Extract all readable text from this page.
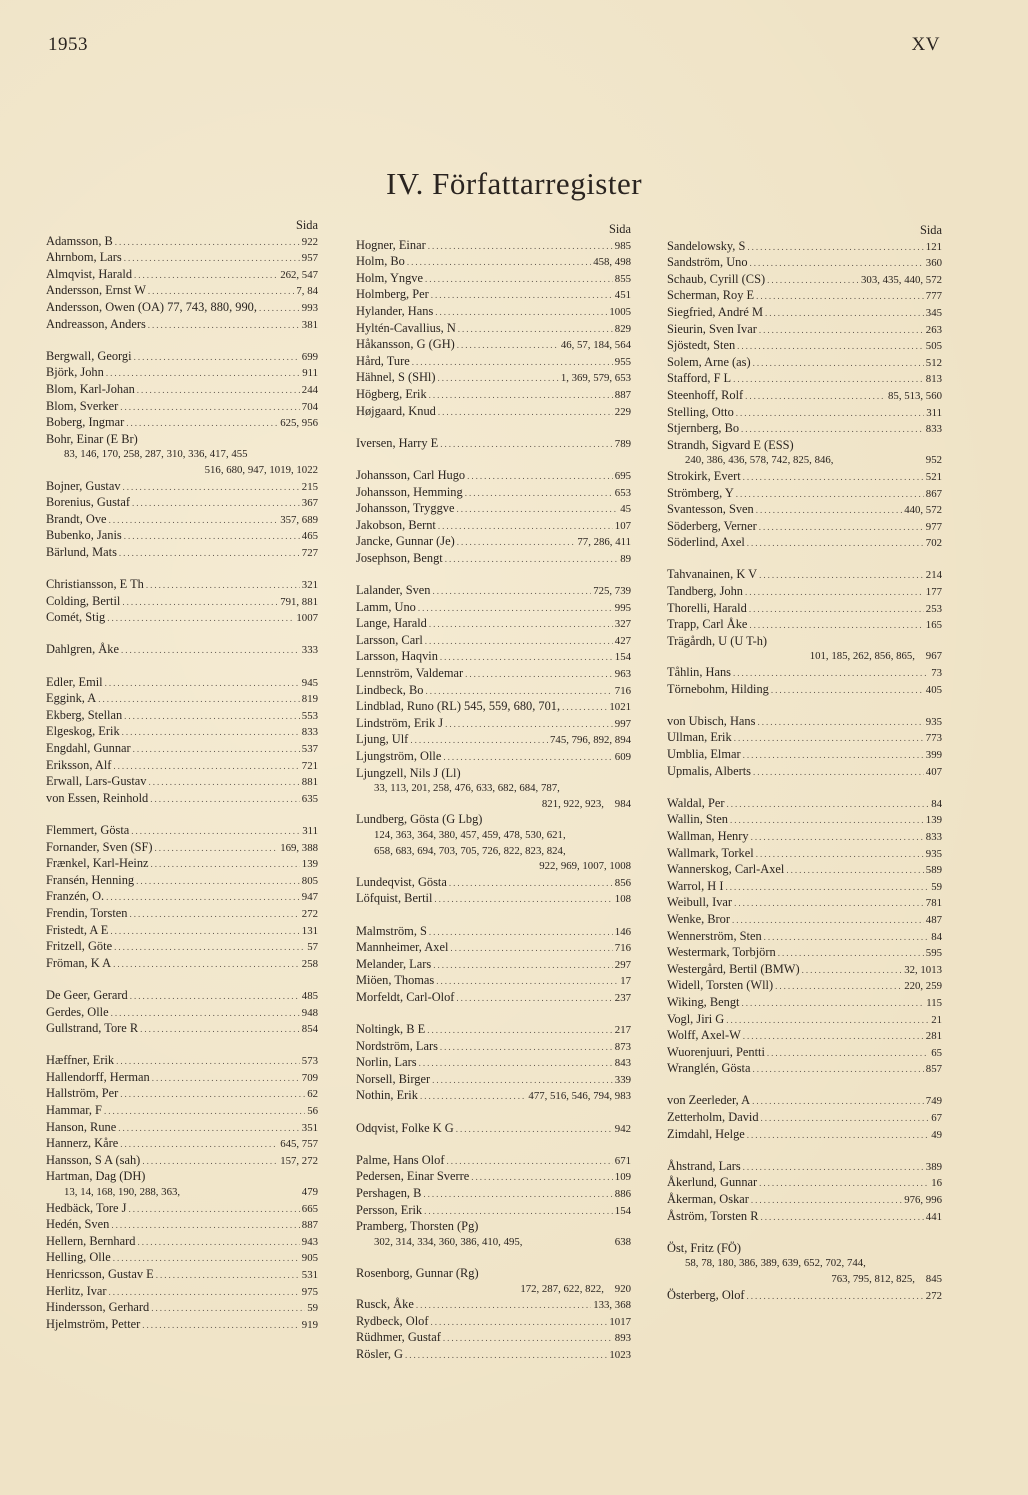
1953	XV
IV. Författarregister
Sida
Adamsson, B .....	922
Ahrnbom, Lars .....	957
Almqvist, Harald .....	262, 547
Andersson, Ernst W .....	7, 84
Andersson, Owen (OA) 77, 743, 880, 990, .....	993
Andreasson, Anders .....	381
Bergwall, Georgi .....	699
Björk, John .....	911
Blom, Karl-Johan .....	244
Blom, Sverker .....	704
Boberg, Ingmar .....	625, 956
Bohr, Einar (E Br)
83, 146, 170, 258, 287, 310, 336, 417, 455
516, 680, 947, 1019, 1022
Bojner, Gustav .....	215
Borenius, Gustaf .....	367
Brandt, Ove .....	357, 689
Bubenko, Janis .....	465
Bärlund, Mats .....	727
Christiansson, E Th .....	321
Colding, Bertil .....	791, 881
Comét, Stig .....	1007
Dahlgren, Åke .....	333
Edler, Emil .....	945
Eggink, A .....	819
Ekberg, Stellan .....	553
Elgeskog, Erik .....	833
Engdahl, Gunnar .....	537
Eriksson, Alf .....	721
Erwall, Lars-Gustav .....	881
von Essen, Reinhold .....	635
Flemmert, Gösta .....	311
Fornander, Sven (SF) .....	169, 388
Frænkel, Karl-Heinz .....	139
Fransén, Henning .....	805
Franzén, O. .....	947
Frendin, Torsten .....	272
Fristedt, A E .....	131
Fritzell, Göte .....	57
Fröman, K A .....	258
De Geer, Gerard .....	485
Gerdes, Olle .....	948
Gullstrand, Tore R .....	854
Hæffner, Erik .....	573
Hallendorff, Herman .....	709
Hallström, Per .....	62
Hammar, F .....	56
Hanson, Rune .....	351
Hannerz, Kåre .....	645, 757
Hansson, S A (sah) .....	157, 272
Hartman, Dag (DH)
13, 14, 168, 190, 288, 363,	479
Hedbäck, Tore J .....	665
Hedén, Sven .....	887
Hellern, Bernhard .....	943
Helling, Olle .....	905
Henricsson, Gustav E .....	531
Herlitz, Ivar .....	975
Hindersson, Gerhard .....	59
Hjelmström, Petter .....	919
Sida
Hogner, Einar .....	985
Holm, Bo .....	458, 498
Holm, Yngve .....	855
Holmberg, Per .....	451
Hylander, Hans .....	1005
Hyltén-Cavallius, N .....	829
Håkansson, G (GH) .....	46, 57, 184, 564
Hård, Ture .....	955
Hähnel, S (SHl) .....	1, 369, 579, 653
Högberg, Erik .....	887
Højgaard, Knud .....	229
Iversen, Harry E .....	789
Johansson, Carl Hugo .....	695
Johansson, Hemming .....	653
Johansson, Tryggve .....	45
Jakobson, Bernt .....	107
Jancke, Gunnar (Je) .....	77, 286, 411
Josephson, Bengt .....	89
Lalander, Sven .....	725, 739
Lamm, Uno .....	995
Lange, Harald .....	327
Larsson, Carl .....	427
Larsson, Haqvin .....	154
Lennström, Valdemar .....	963
Lindbeck, Bo .....	716
Lindblad, Runo (RL) 545, 559, 680, 701, .....	1021
Lindström, Erik J .....	997
Ljung, Ulf .....	745, 796, 892, 894
Ljungström, Olle .....	609
Ljungzell, Nils J (Ll)
33, 113, 201, 258, 476, 633, 682, 684, 787,
821, 922, 923, 984
Lundberg, Gösta (G Lbg)
124, 363, 364, 380, 457, 459, 478, 530, 621,
658, 683, 694, 703, 705, 726, 822, 823, 824,
922, 969, 1007, 1008
Lundeqvist, Gösta .....	856
Löfquist, Bertil .....	108
Malmström, S .....	146
Mannheimer, Axel .....	716
Melander, Lars .....	297
Miöen, Thomas .....	17
Morfeldt, Carl-Olof .....	237
Noltingk, B E .....	217
Nordström, Lars .....	873
Norlin, Lars .....	843
Norsell, Birger .....	339
Nothin, Erik .....	477, 516, 546, 794, 983
Odqvist, Folke K G .....	942
Palme, Hans Olof .....	671
Pedersen, Einar Sverre .....	109
Pershagen, B .....	886
Persson, Erik .....	154
Pramberg, Thorsten (Pg)
302, 314, 334, 360, 386, 410, 495,	638
Rosenborg, Gunnar (Rg)
172, 287, 622, 822, 920
Rusck, Åke .....	133, 368
Rydbeck, Olof .....	1017
Rüdhmer, Gustaf .....	893
Rösler, G .....	1023
Sida
Sandelowsky, S .....	121
Sandström, Uno .....	360
Schaub, Cyrill (CS) .....	303, 435, 440, 572
Scherman, Roy E .....	777
Siegfried, André M .....	345
Sieurin, Sven Ivar .....	263
Sjöstedt, Sten .....	505
Solem, Arne (as) .....	512
Stafford, F L .....	813
Steenhoff, Rolf .....	85, 513, 560
Stelling, Otto .....	311
Stjernberg, Bo .....	833
Strandh, Sigvard E (ESS)
240, 386, 436, 578, 742, 825, 846,	952
Strokirk, Evert .....	521
Strömberg, Y .....	867
Svantesson, Sven .....	440, 572
Söderberg, Verner .....	977
Söderlind, Axel .....	702
Tahvanainen, K V .....	214
Tandberg, John .....	177
Thorelli, Harald .....	253
Trapp, Carl Åke .....	165
Trägårdh, U (U T-h)
101, 185, 262, 856, 865, 967
Tåhlin, Hans .....	73
Törnebohm, Hilding .....	405
von Ubisch, Hans .....	935
Ullman, Erik .....	773
Umblia, Elmar .....	399
Upmalis, Alberts .....	407
Waldal, Per .....	84
Wallin, Sten .....	139
Wallman, Henry .....	833
Wallmark, Torkel .....	935
Wannerskog, Carl-Axel .....	589
Warrol, H I .....	59
Weibull, Ivar .....	781
Wenke, Bror .....	487
Wennerström, Sten .....	84
Westermark, Torbjörn .....	595
Westergård, Bertil (BMW) .....	32, 1013
Widell, Torsten (Wll) .....	220, 259
Wiking, Bengt .....	115
Vogl, Jiri G .....	21
Wolff, Axel-W .....	281
Wuorenjuuri, Pentti .....	65
Wranglén, Gösta .....	857
von Zeerleder, A .....	749
Zetterholm, David .....	67
Zimdahl, Helge .....	49
Åhstrand, Lars .....	389
Åkerlund, Gunnar .....	16
Åkerman, Oskar .....	976, 996
Åström, Torsten R .....	441
Öst, Fritz (FÖ)
58, 78, 180, 386, 389, 639, 652, 702, 744,
763, 795, 812, 825, 845
Österberg, Olof .....	272
